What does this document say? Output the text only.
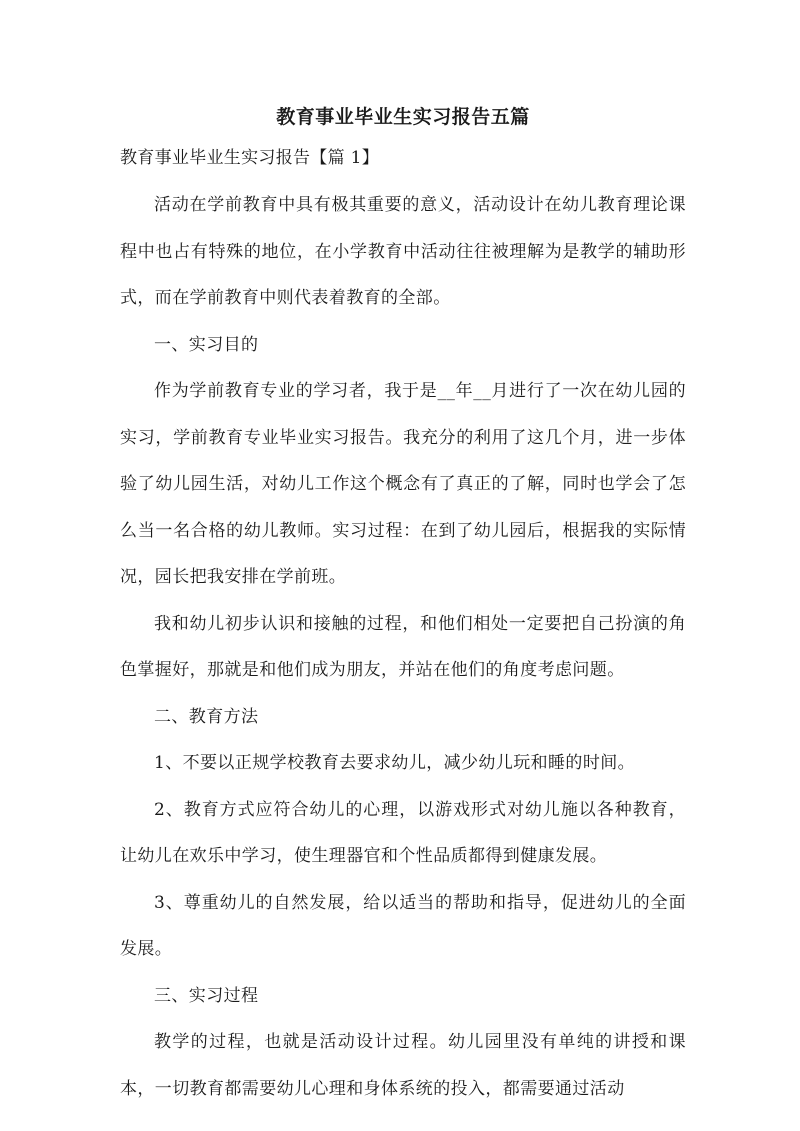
教育事业毕业生实习报告五篇

教育事业毕业生实习报告【篇 1】

活动在学前教育中具有极其重要的意义，活动设计在幼儿教育理论课程中也占有特殊的地位，在小学教育中活动往往被理解为是教学的辅助形式，而在学前教育中则代表着教育的全部。

一、实习目的

作为学前教育专业的学习者，我于是__年__月进行了一次在幼儿园的实习，学前教育专业毕业实习报告。我充分的利用了这几个月，进一步体验了幼儿园生活，对幼儿工作这个概念有了真正的了解，同时也学会了怎么当一名合格的幼儿教师。实习过程：在到了幼儿园后，根据我的实际情况，园长把我安排在学前班。

我和幼儿初步认识和接触的过程，和他们相处一定要把自己扮演的角色掌握好，那就是和他们成为朋友，并站在他们的角度考虑问题。

二、教育方法

1、不要以正规学校教育去要求幼儿，减少幼儿玩和睡的时间。

2、教育方式应符合幼儿的心理，以游戏形式对幼儿施以各种教育，让幼儿在欢乐中学习，使生理器官和个性品质都得到健康发展。

3、尊重幼儿的自然发展，给以适当的帮助和指导，促进幼儿的全面发展。

三、实习过程

教学的过程，也就是活动设计过程。幼儿园里没有单纯的讲授和课本，一切教育都需要幼儿心理和身体系统的投入，都需要通过活动
